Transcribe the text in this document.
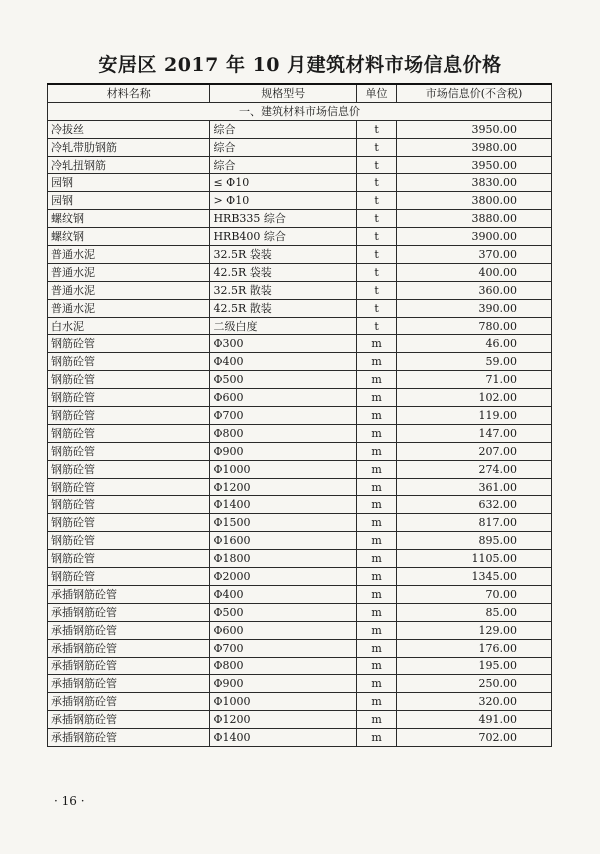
安居区 2017 年 10 月建筑材料市场信息价格
材料名称	规格型号	单位	市场信息价(不含税)
一、建筑材料市场信息价			
冷拔丝	综合	t	3950.00
冷轧带肋钢筋	综合	t	3980.00
冷轧扭钢筋	综合	t	3950.00
园钢	≤ Φ10	t	3830.00
园钢	> Φ10	t	3800.00
螺纹钢	HRB335 综合	t	3880.00
螺纹钢	HRB400 综合	t	3900.00
普通水泥	32.5R 袋装	t	370.00
普通水泥	42.5R 袋装	t	400.00
普通水泥	32.5R 散装	t	360.00
普通水泥	42.5R 散装	t	390.00
白水泥	二级白度	t	780.00
钢筋砼管	Φ300	m	46.00
钢筋砼管	Φ400	m	59.00
钢筋砼管	Φ500	m	71.00
钢筋砼管	Φ600	m	102.00
钢筋砼管	Φ700	m	119.00
钢筋砼管	Φ800	m	147.00
钢筋砼管	Φ900	m	207.00
钢筋砼管	Φ1000	m	274.00
钢筋砼管	Φ1200	m	361.00
钢筋砼管	Φ1400	m	632.00
钢筋砼管	Φ1500	m	817.00
钢筋砼管	Φ1600	m	895.00
钢筋砼管	Φ1800	m	1105.00
钢筋砼管	Φ2000	m	1345.00
承插钢筋砼管	Φ400	m	70.00
承插钢筋砼管	Φ500	m	85.00
承插钢筋砼管	Φ600	m	129.00
承插钢筋砼管	Φ700	m	176.00
承插钢筋砼管	Φ800	m	195.00
承插钢筋砼管	Φ900	m	250.00
承插钢筋砼管	Φ1000	m	320.00
承插钢筋砼管	Φ1200	m	491.00
承插钢筋砼管	Φ1400	m	702.00
· 16 ·
